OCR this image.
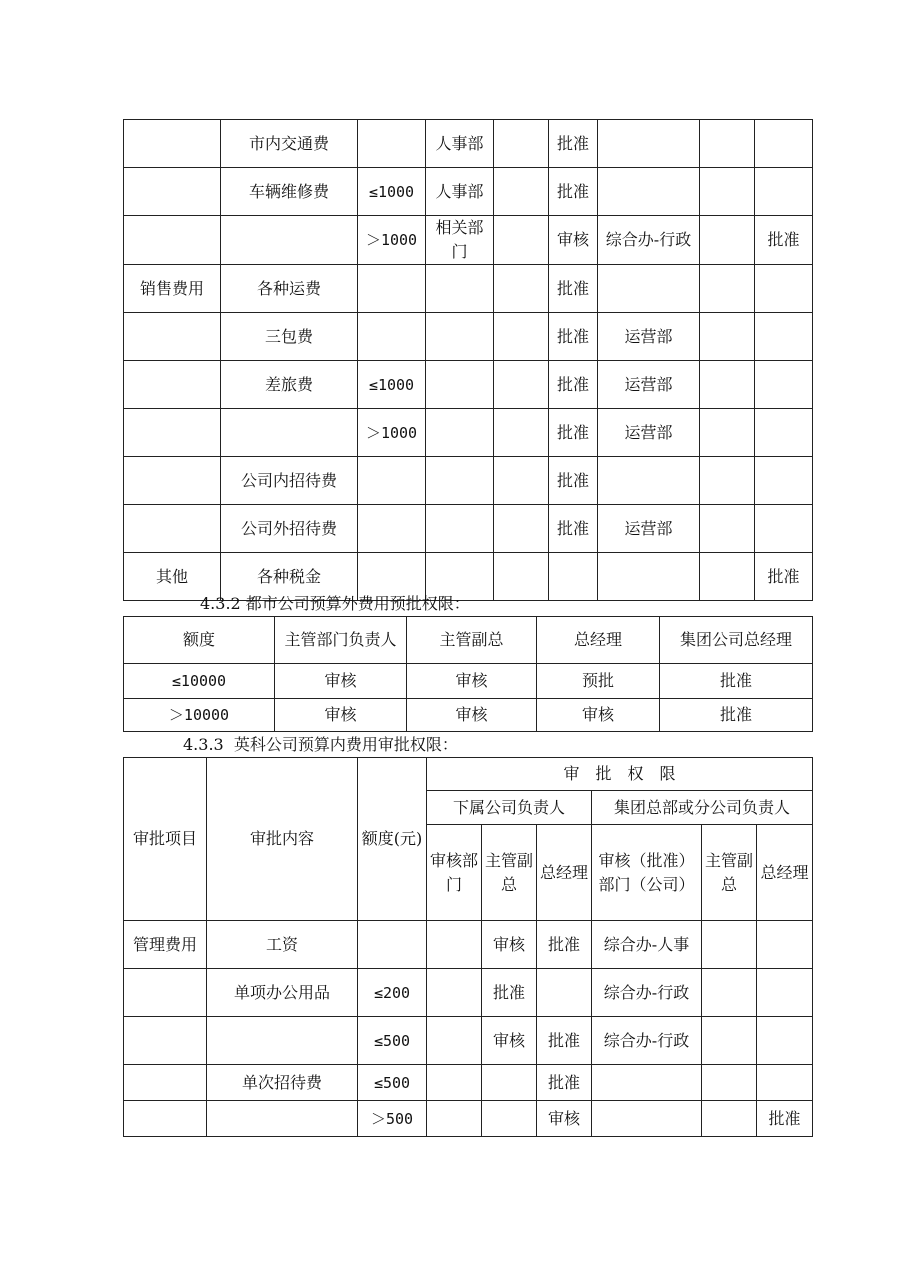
	市内交通费		人事部		批准			
	车辆维修费	≤1000	人事部		批准			
		＞1000	相关部门		审核	综合办-行政		批准
销售费用	各种运费				批准			
	三包费				批准	运营部		
	差旅费	≤1000			批准	运营部		
		＞1000			批准	运营部		
	公司内招待费				批准			
	公司外招待费				批准	运营部		
其他	各种税金							批准
4.3.2 都市公司预算外费用预批权限：
额度	主管部门负责人	主管副总	总经理	集团公司总经理
≤10000	审核	审核	预批	批准
＞10000	审核	审核	审核	批准
4.3.3  英科公司预算内费用审批权限：
审批项目	审批内容	额度(元)	审　批　权　限					
			下属公司负责人			集团总部或分公司负责人		
			审核部门	主管副总	总经理	审核（批准）部门（公司）	主管副总	总经理
管理费用	工资			审核	批准	综合办-人事		
	单项办公用品	≤200		批准		综合办-行政		
		≤500		审核	批准	综合办-行政		
	单次招待费	≤500			批准			
		＞500			审核			批准
